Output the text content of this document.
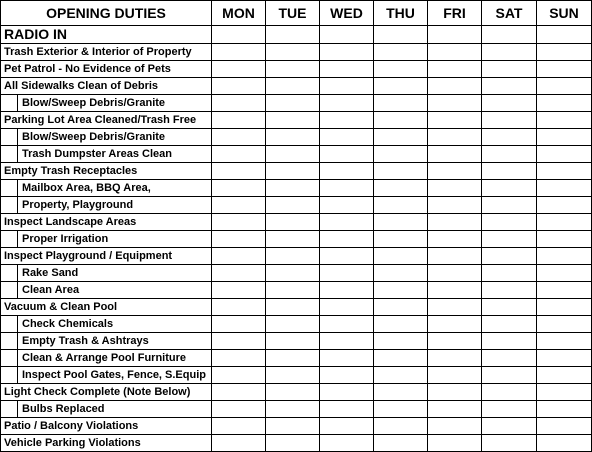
OPENING DUTIES	MON	TUE	WED	THU	FRI	SAT	SUN
RADIO IN							
Trash Exterior & Interior of Property							
Pet Patrol - No Evidence of Pets							
All Sidewalks Clean of Debris							

Blow/Sweep Debris/Granite							

Parking Lot Area Cleaned/Trash Free							

Blow/Sweep Debris/Granite							

Trash Dumpster Areas Clean							

Empty Trash Receptacles							

Mailbox Area, BBQ Area,							

Property, Playground							

Inspect Landscape Areas							

Proper Irrigation							

Inspect Playground / Equipment							

Rake Sand							

Clean Area							

Vacuum & Clean Pool							

Check Chemicals							

Empty Trash & Ashtrays							

Clean & Arrange Pool Furniture							

Inspect Pool Gates, Fence, S.Equip							

Light Check Complete (Note Below)							

Bulbs Replaced							

Patio / Balcony Violations							
Vehicle Parking Violations							
